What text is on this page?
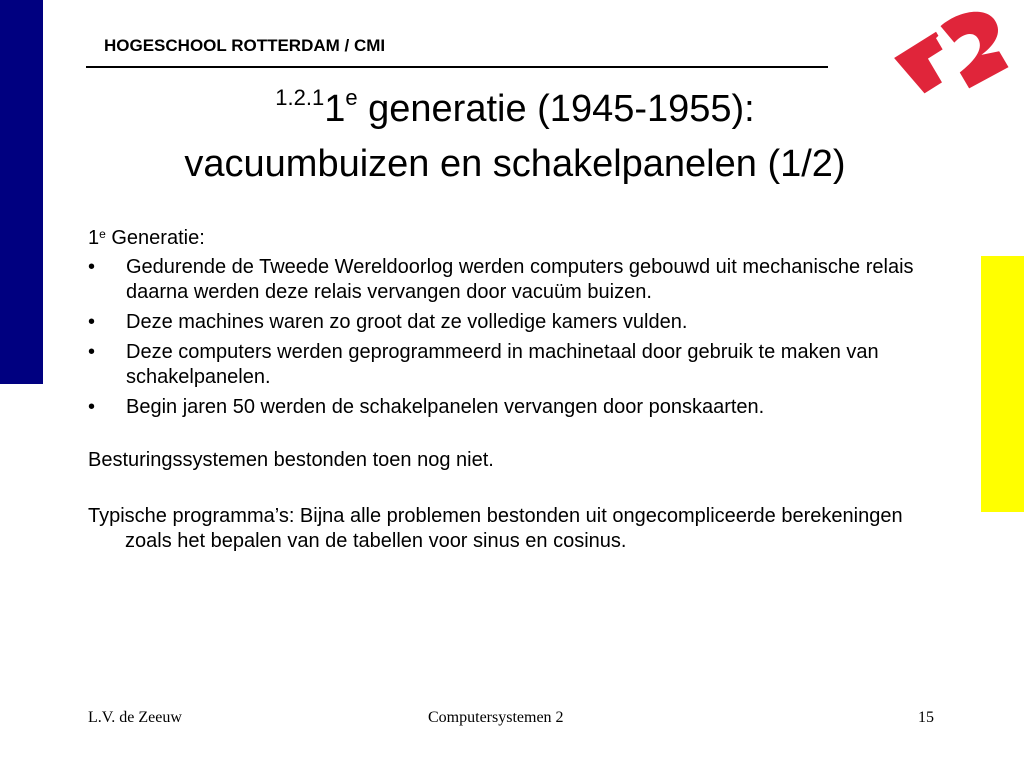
HOGESCHOOL ROTTERDAM / CMI
$^{1.2.1}$1e generatie (1945-1955):
vacuumbuizen en schakelpanelen (1/2)

1e Generatie:

• Gedurende de Tweede Wereldoorlog werden computers gebouwd uit mechanische relais daarna werden deze relais vervangen door vacuüm buizen.
• Deze machines waren zo groot dat ze volledige kamers vulden.
• Deze computers werden geprogrammeerd in machinetaal door gebruik te maken van schakelpanelen.
• Begin jaren 50 werden de schakelpanelen vervangen door ponskaarten.

Besturingssystemen bestonden toen nog niet.

Typische programma’s: Bijna alle problemen bestonden uit ongecompliceerde berekeningen zoals het bepalen van de tabellen voor sinus en cosinus.

L.V. de Zeeuw	Computersystemen 2	15
